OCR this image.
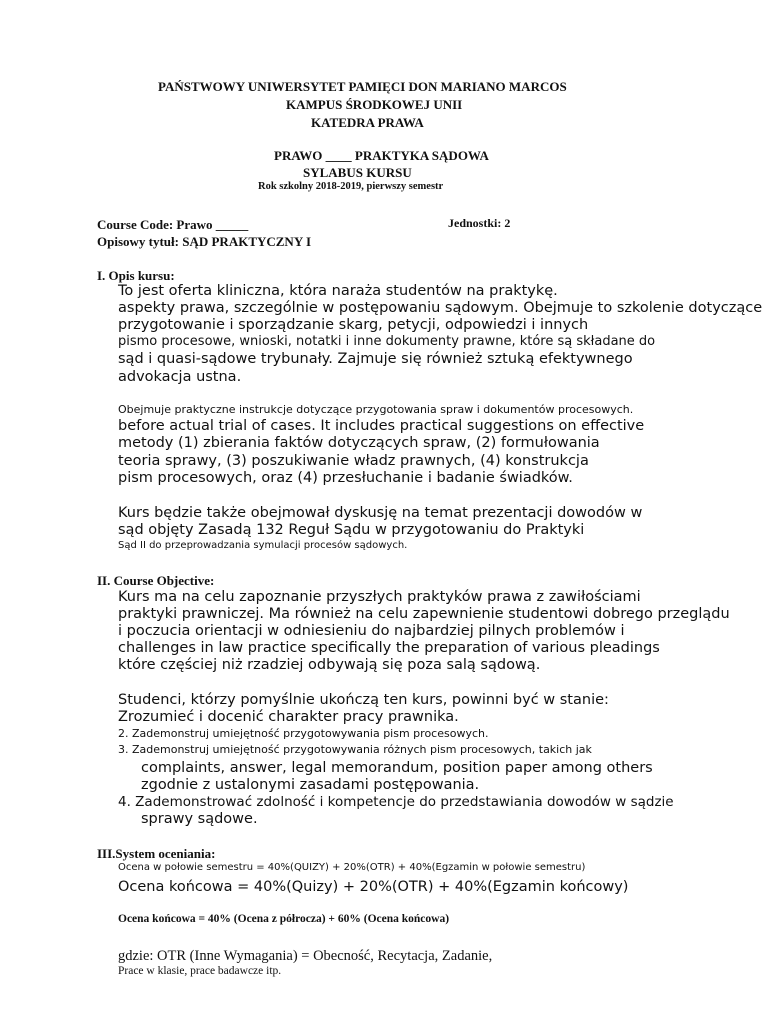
PAŃSTWOWY UNIWERSYTET PAMIĘCI DON MARIANO MARCOS
KAMPUS ŚRODKOWEJ UNII
KATEDRA PRAWA
PRAWO ____ PRAKTYKA SĄDOWA
SYLABUS KURSU
Rok szkolny 2018-2019, pierwszy semestr
Course Code: Prawo _____	Jednostki: 2
Opisowy tytuł: SĄD PRAKTYCZNY I
I. Opis kursu:
To jest oferta kliniczna, która naraża studentów na praktykę.
aspekty prawa, szczególnie w postępowaniu sądowym. Obejmuje to szkolenie dotyczące
przygotowanie i sporządzanie skarg, petycji, odpowiedzi i innych
pismo procesowe, wnioski, notatki i inne dokumenty prawne, które są składane do
sąd i quasi-sądowe trybunały. Zajmuje się również sztuką efektywnego
advokacja ustna.
Obejmuje praktyczne instrukcje dotyczące przygotowania spraw i dokumentów procesowych.
before actual trial of cases. It includes practical suggestions on effective
metody (1) zbierania faktów dotyczących spraw, (2) formułowania
teoria sprawy, (3) poszukiwanie władz prawnych, (4) konstrukcja
pism procesowych, oraz (4) przesłuchanie i badanie świadków.
Kurs będzie także obejmował dyskusję na temat prezentacji dowodów w
sąd objęty Zasadą 132 Reguł Sądu w przygotowaniu do Praktyki
Sąd II do przeprowadzania symulacji procesów sądowych.
II. Course Objective:
Kurs ma na celu zapoznanie przyszłych praktyków prawa z zawiłościami
praktyki prawniczej. Ma również na celu zapewnienie studentowi dobrego przeglądu
i poczucia orientacji w odniesieniu do najbardziej pilnych problemów i
challenges in law practice specifically the preparation of various pleadings
które częściej niż rzadziej odbywają się poza salą sądową.
Studenci, którzy pomyślnie ukończą ten kurs, powinni być w stanie:
Zrozumieć i docenić charakter pracy prawnika.
2. Zademonstruj umiejętność przygotowywania pism procesowych.
3. Zademonstruj umiejętność przygotowywania różnych pism procesowych, takich jak
complaints, answer, legal memorandum, position paper among others
zgodnie z ustalonymi zasadami postępowania.
4. Zademonstrować zdolność i kompetencje do przedstawiania dowodów w sądzie
sprawy sądowe.
III.System oceniania:
Ocena w połowie semestru = 40%(QUIZY) + 20%(OTR) + 40%(Egzamin w połowie semestru)
Ocena końcowa = 40%(Quizy) + 20%(OTR) + 40%(Egzamin końcowy)
Ocena końcowa = 40% (Ocena z półrocza) + 60% (Ocena końcowa)
gdzie: OTR (Inne Wymagania) = Obecność, Recytacja, Zadanie,
Prace w klasie, prace badawcze itp.
